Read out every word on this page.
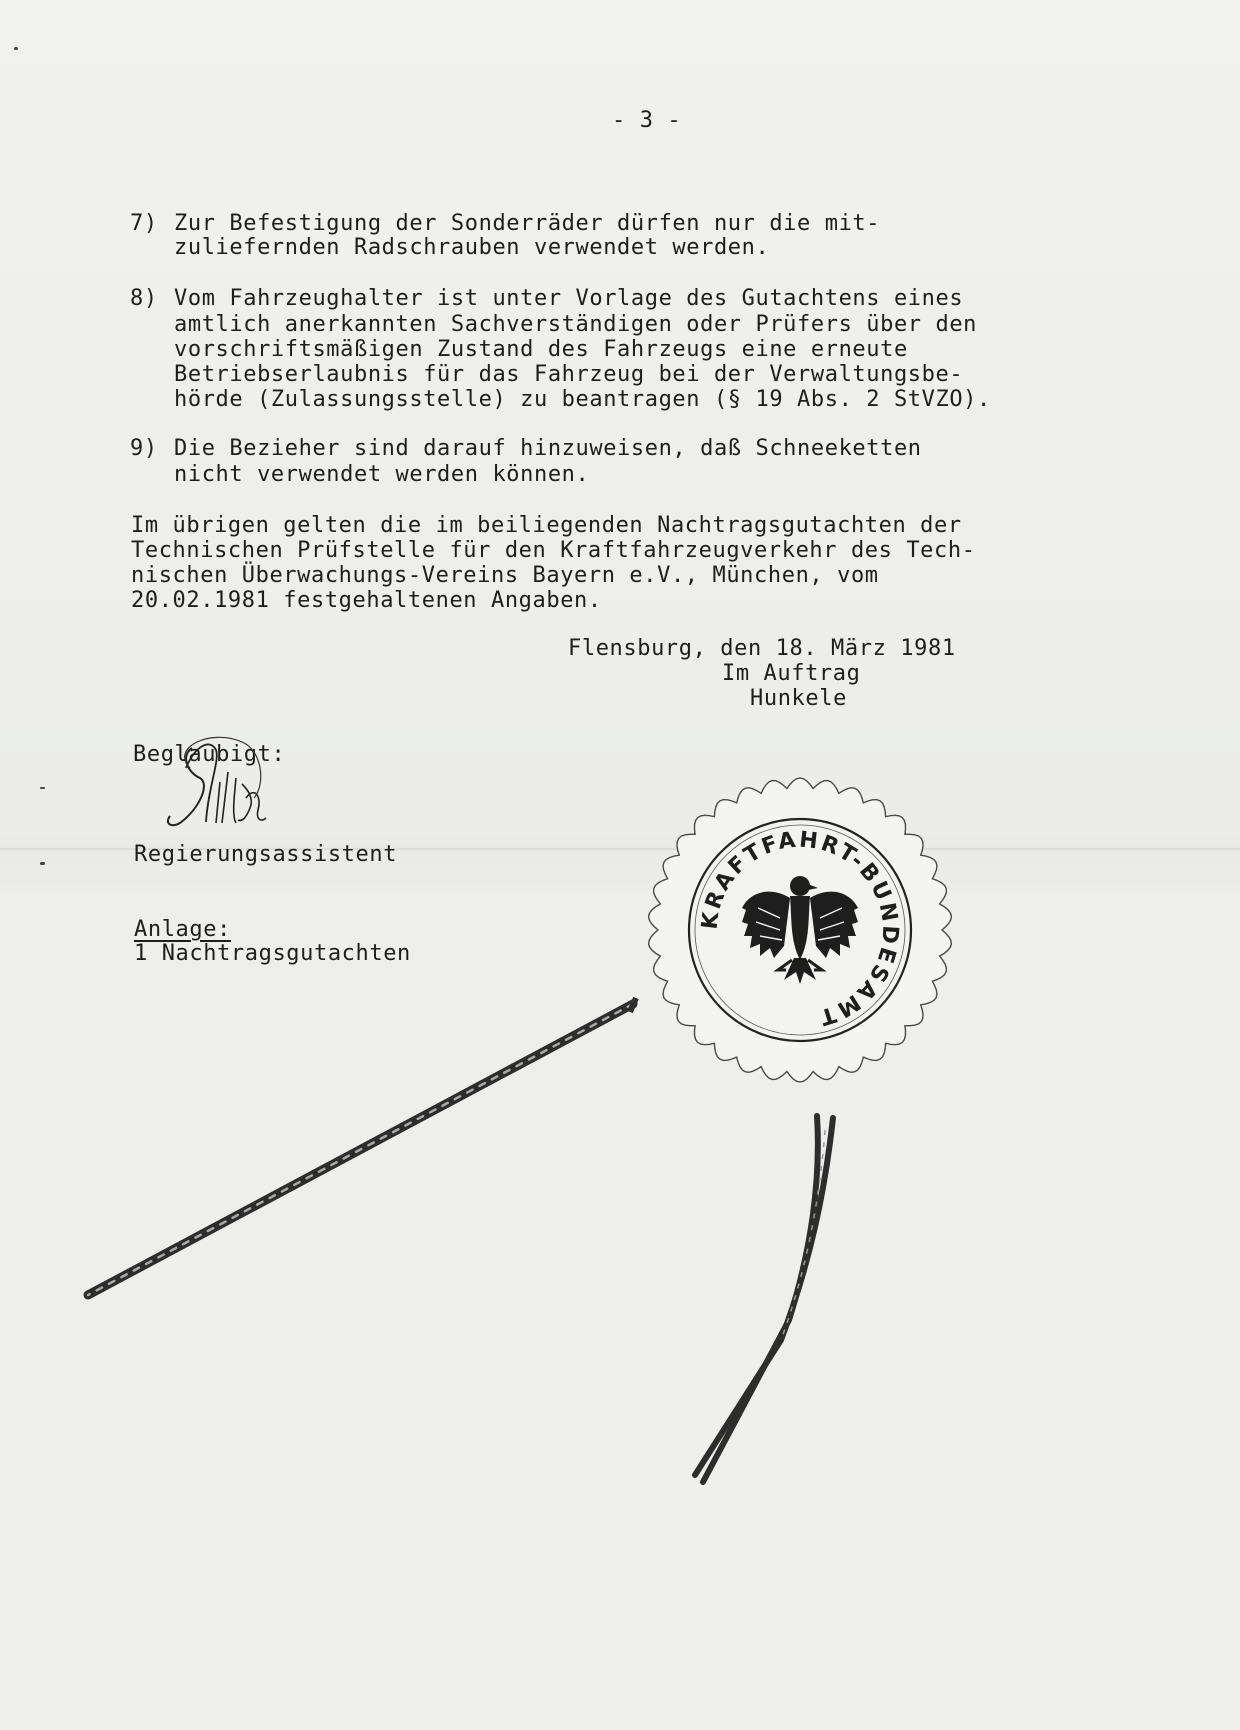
- 3 -
7) Zur Befestigung der Sonderräder dürfen nur die mit-
zuliefernden Radschrauben verwendet werden.
8) Vom Fahrzeughalter ist unter Vorlage des Gutachtens eines
amtlich anerkannten Sachverständigen oder Prüfers über den
vorschriftsmäßigen Zustand des Fahrzeugs eine erneute
Betriebserlaubnis für das Fahrzeug bei der Verwaltungsbe-
hörde (Zulassungsstelle) zu beantragen (§ 19 Abs. 2 StVZO).
9) Die Bezieher sind darauf hinzuweisen, daß Schneeketten
nicht verwendet werden können.
Im übrigen gelten die im beiliegenden Nachtragsgutachten der
Technischen Prüfstelle für den Kraftfahrzeugverkehr des Tech-
nischen Überwachungs-Vereins Bayern e.V., München, vom
20.02.1981 festgehaltenen Angaben.
Flensburg, den 18. März 1981
Im Auftrag
Hunkele
Beglaubigt:
Regierungsassistent
Anlage:
1 Nachtragsgutachten
KRAFTFAHRT-BUNDESAMT
